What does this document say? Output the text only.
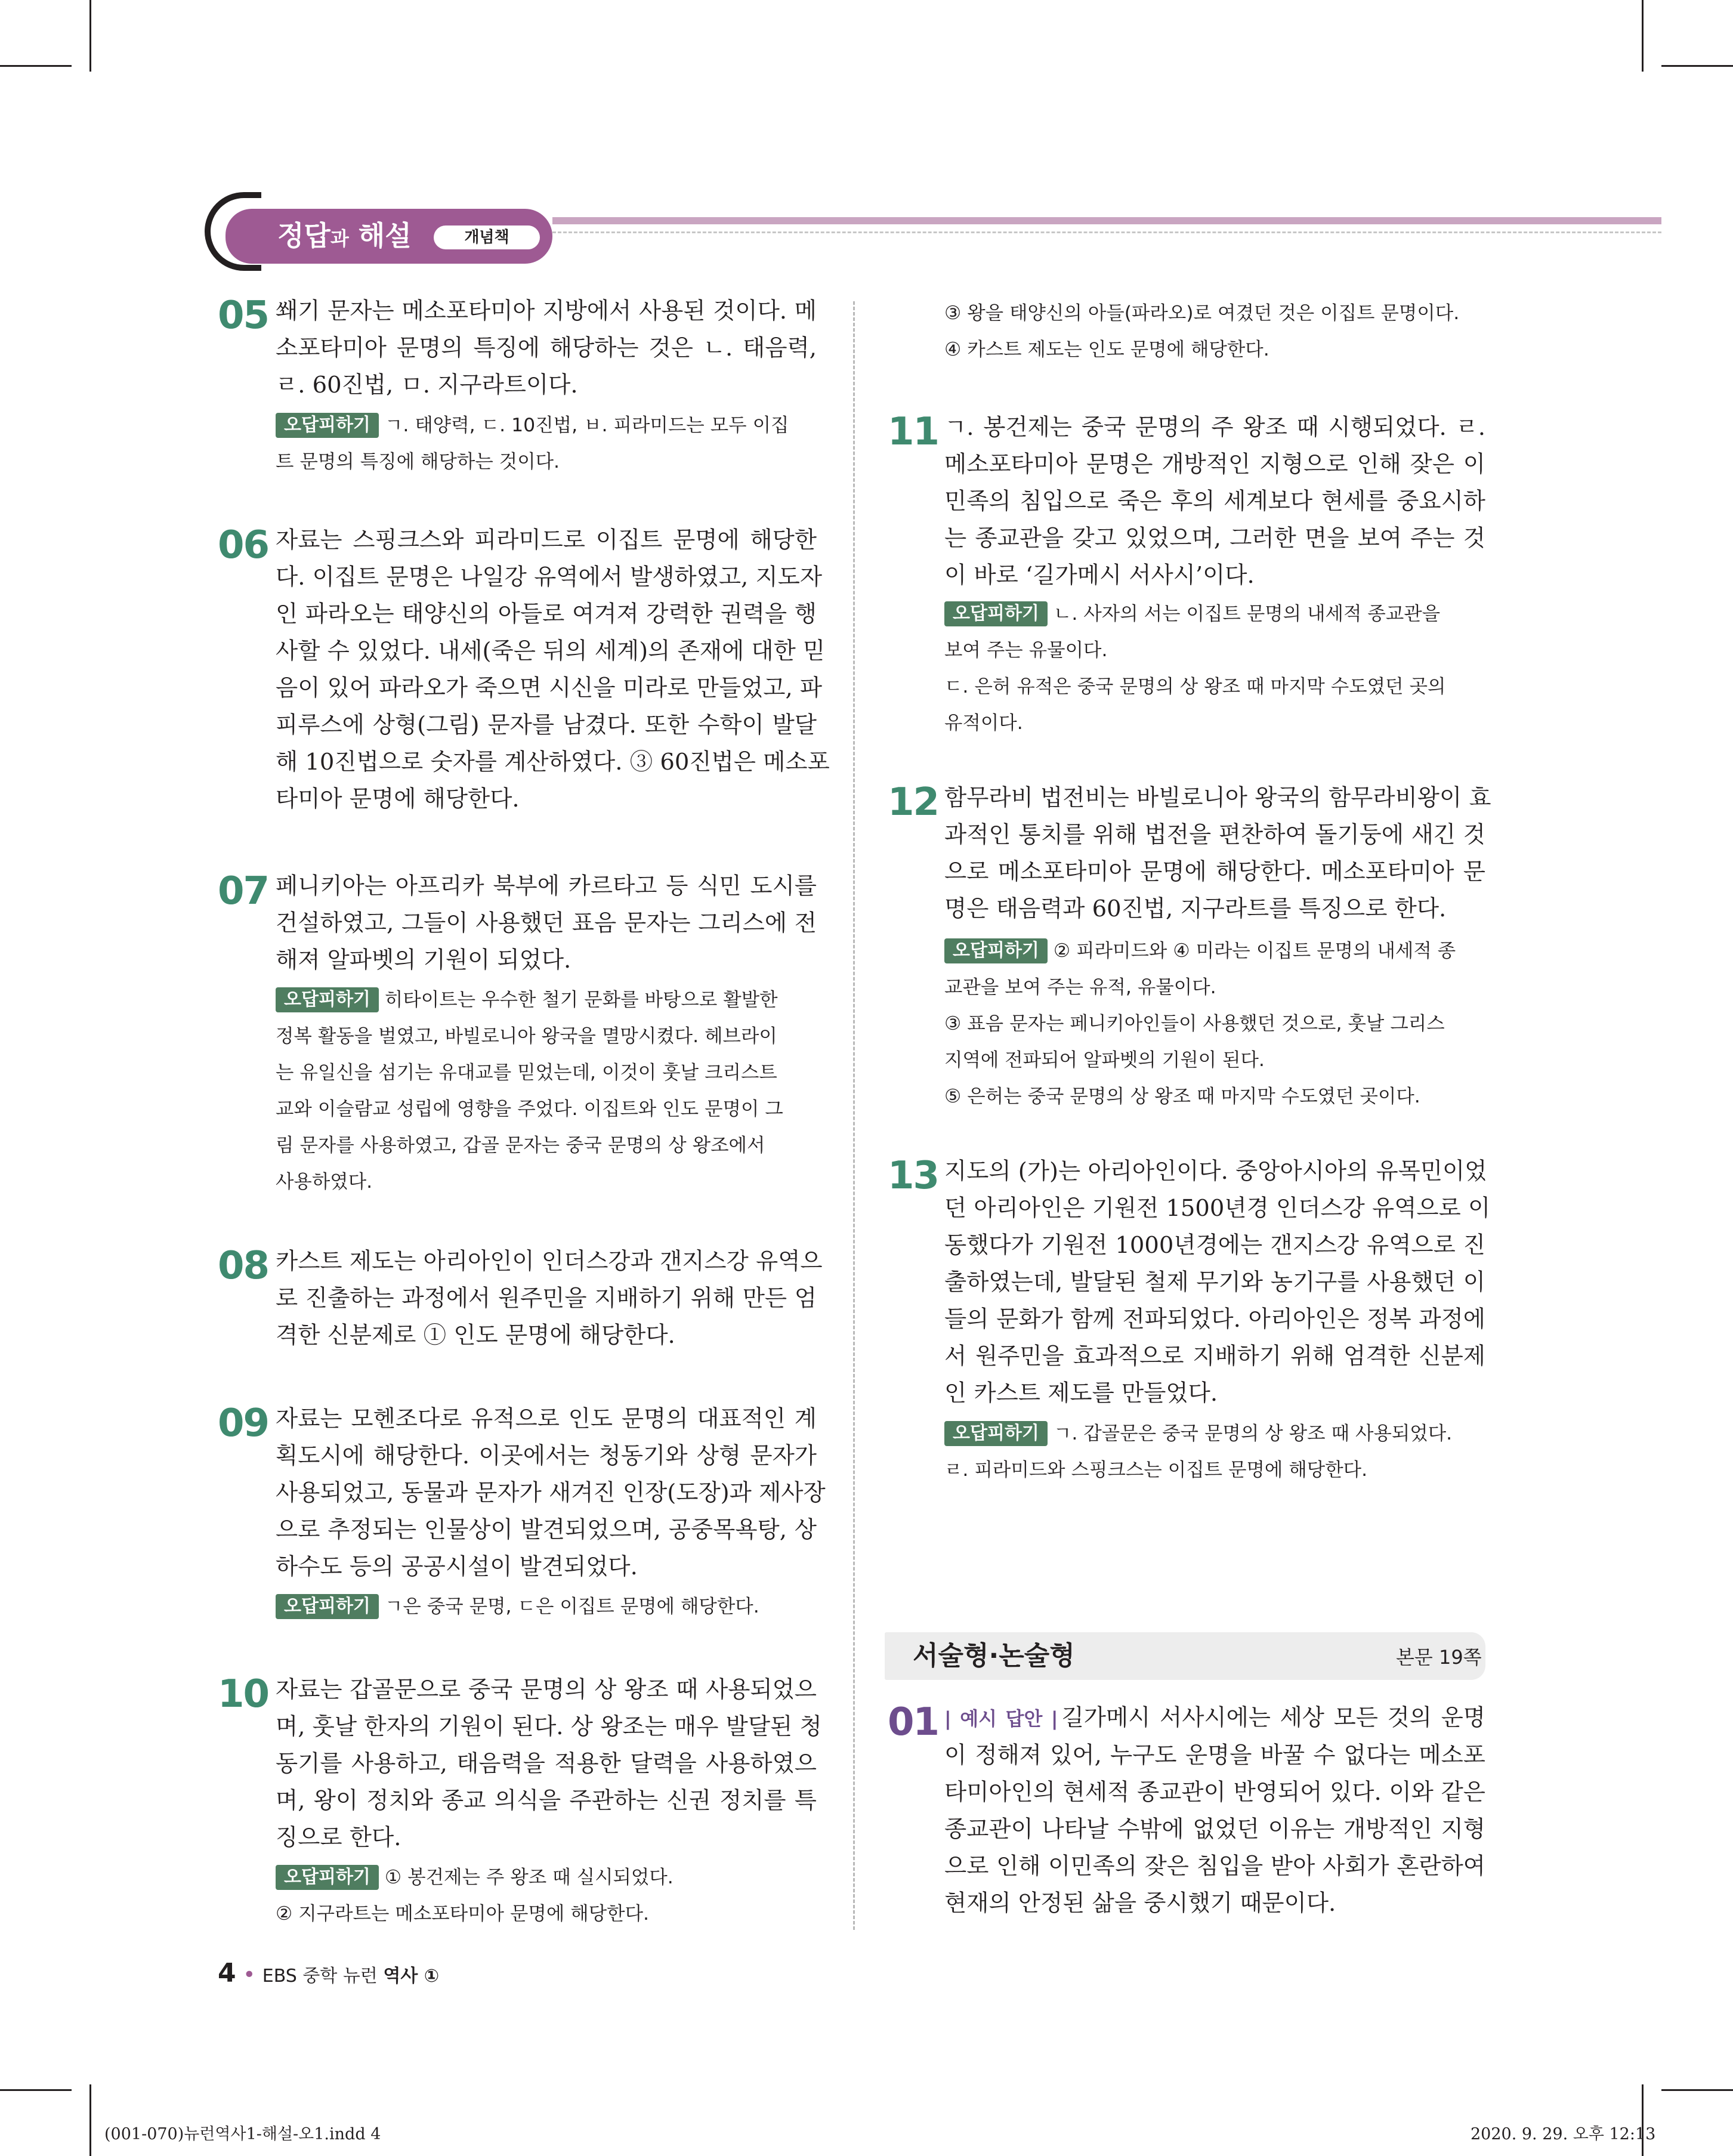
정답과 해설	개념책
05 쐐기 문자는 메소포타미아 지방에서 사용된 것이다. 메
소포타미아 문명의 특징에 해당하는 것은 ㄴ. 태음력,
ㄹ. 60진법, ㅁ. 지구라트이다.
오답피하기 ㄱ. 태양력, ㄷ. 10진법, ㅂ. 피라미드는 모두 이집
트 문명의 특징에 해당하는 것이다.
06 자료는 스핑크스와 피라미드로 이집트 문명에 해당한
다. 이집트 문명은 나일강 유역에서 발생하였고, 지도자
인 파라오는 태양신의 아들로 여겨져 강력한 권력을 행
사할 수 있었다. 내세(죽은 뒤의 세계)의 존재에 대한 믿
음이 있어 파라오가 죽으면 시신을 미라로 만들었고, 파
피루스에 상형(그림) 문자를 남겼다. 또한 수학이 발달
해 10진법으로 숫자를 계산하였다. ③ 60진법은 메소포
타미아 문명에 해당한다.
07 페니키아는 아프리카 북부에 카르타고 등 식민 도시를
건설하였고, 그들이 사용했던 표음 문자는 그리스에 전
해져 알파벳의 기원이 되었다.
오답피하기 히타이트는 우수한 철기 문화를 바탕으로 활발한
정복 활동을 벌였고, 바빌로니아 왕국을 멸망시켰다. 헤브라이
는 유일신을 섬기는 유대교를 믿었는데, 이것이 훗날 크리스트
교와 이슬람교 성립에 영향을 주었다. 이집트와 인도 문명이 그
림 문자를 사용하였고, 갑골 문자는 중국 문명의 상 왕조에서
사용하였다.
08 카스트 제도는 아리아인이 인더스강과 갠지스강 유역으
로 진출하는 과정에서 원주민을 지배하기 위해 만든 엄
격한 신분제로 ① 인도 문명에 해당한다.
09 자료는 모헨조다로 유적으로 인도 문명의 대표적인 계
획도시에 해당한다. 이곳에서는 청동기와 상형 문자가
사용되었고, 동물과 문자가 새겨진 인장(도장)과 제사장
으로 추정되는 인물상이 발견되었으며, 공중목욕탕, 상
하수도 등의 공공시설이 발견되었다.
오답피하기 ㄱ은 중국 문명, ㄷ은 이집트 문명에 해당한다.
10 자료는 갑골문으로 중국 문명의 상 왕조 때 사용되었으
며, 훗날 한자의 기원이 된다. 상 왕조는 매우 발달된 청
동기를 사용하고, 태음력을 적용한 달력을 사용하였으
며, 왕이 정치와 종교 의식을 주관하는 신권 정치를 특
징으로 한다.
오답피하기 ① 봉건제는 주 왕조 때 실시되었다.
② 지구라트는 메소포타미아 문명에 해당한다.
③ 왕을 태양신의 아들(파라오)로 여겼던 것은 이집트 문명이다.
④ 카스트 제도는 인도 문명에 해당한다.
11 ㄱ. 봉건제는 중국 문명의 주 왕조 때 시행되었다. ㄹ.
메소포타미아 문명은 개방적인 지형으로 인해 잦은 이
민족의 침입으로 죽은 후의 세계보다 현세를 중요시하
는 종교관을 갖고 있었으며, 그러한 면을 보여 주는 것
이 바로 ‘길가메시 서사시’이다.
오답피하기 ㄴ. 사자의 서는 이집트 문명의 내세적 종교관을
보여 주는 유물이다.
ㄷ. 은허 유적은 중국 문명의 상 왕조 때 마지막 수도였던 곳의
유적이다.
12 함무라비 법전비는 바빌로니아 왕국의 함무라비왕이 효
과적인 통치를 위해 법전을 편찬하여 돌기둥에 새긴 것
으로 메소포타미아 문명에 해당한다. 메소포타미아 문
명은 태음력과 60진법, 지구라트를 특징으로 한다.
오답피하기 ② 피라미드와 ④ 미라는 이집트 문명의 내세적 종
교관을 보여 주는 유적, 유물이다.
③ 표음 문자는 페니키아인들이 사용했던 것으로, 훗날 그리스
지역에 전파되어 알파벳의 기원이 된다.
⑤ 은허는 중국 문명의 상 왕조 때 마지막 수도였던 곳이다.
13 지도의 (가)는 아리아인이다. 중앙아시아의 유목민이었
던 아리아인은 기원전 1500년경 인더스강 유역으로 이
동했다가 기원전 1000년경에는 갠지스강 유역으로 진
출하였는데, 발달된 철제 무기와 농기구를 사용했던 이
들의 문화가 함께 전파되었다. 아리아인은 정복 과정에
서 원주민을 효과적으로 지배하기 위해 엄격한 신분제
인 카스트 제도를 만들었다.
오답피하기 ㄱ. 갑골문은 중국 문명의 상 왕조 때 사용되었다.
ㄹ. 피라미드와 스핑크스는 이집트 문명에 해당한다.
서술형·논술형	본문 19쪽
01 | 예시 답안 | 길가메시 서사시에는 세상 모든 것의 운명
이 정해져 있어, 누구도 운명을 바꿀 수 없다는 메소포
타미아인의 현세적 종교관이 반영되어 있다. 이와 같은
종교관이 나타날 수밖에 없었던 이유는 개방적인 지형
으로 인해 이민족의 잦은 침입을 받아 사회가 혼란하여
현재의 안정된 삶을 중시했기 때문이다.
4 • EBS 중학 뉴런 역사 ①
(001-070)뉴런역사1-해설-오1.indd 4	2020. 9. 29. 오후 12:13
